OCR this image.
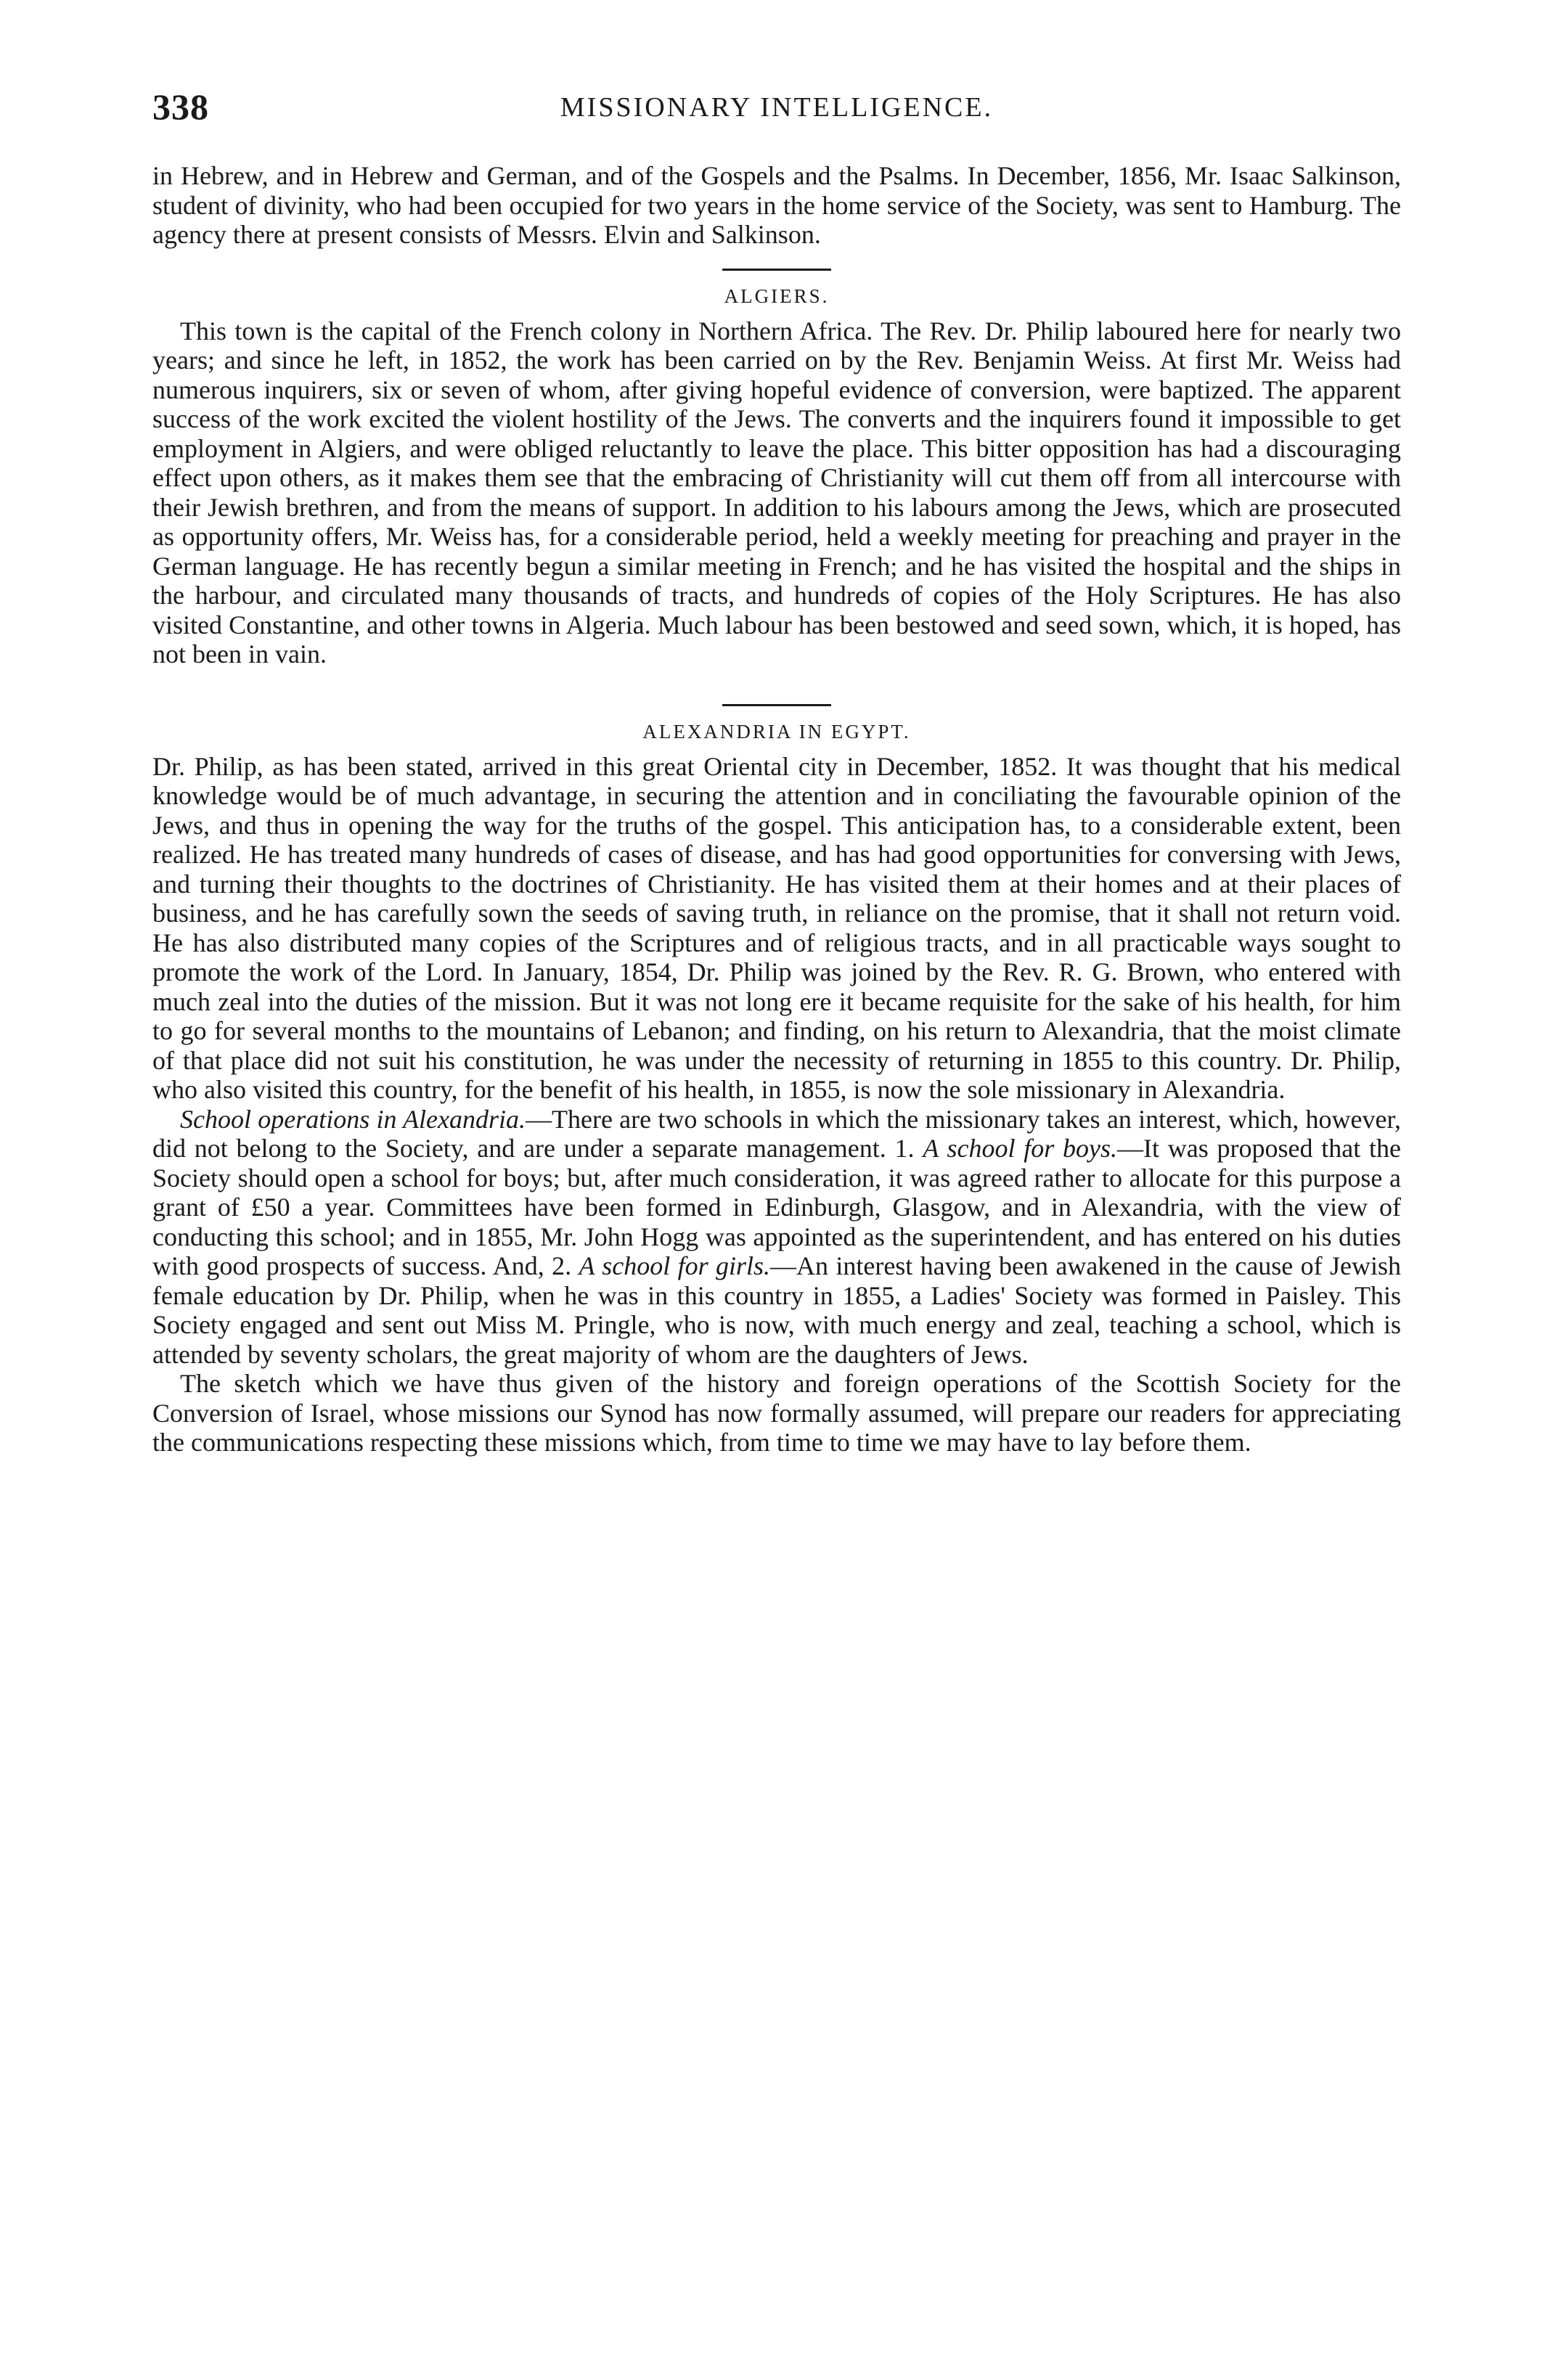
338	MISSIONARY INTELLIGENCE.

in Hebrew, and in Hebrew and German, and of the Gospels and the Psalms. In December, 1856, Mr. Isaac Salkinson, student of divinity, who had been occupied for two years in the home service of the Society, was sent to Hamburg. The agency there at present consists of Messrs. Elvin and Salkinson.

ALGIERS.

This town is the capital of the French colony in Northern Africa. The Rev. Dr. Philip laboured here for nearly two years; and since he left, in 1852, the work has been carried on by the Rev. Benjamin Weiss. At first Mr. Weiss had numerous inquirers, six or seven of whom, after giving hopeful evidence of conversion, were baptized. The apparent success of the work excited the violent hostility of the Jews. The converts and the inquirers found it impossible to get employment in Algiers, and were obliged reluctantly to leave the place. This bitter opposition has had a discouraging effect upon others, as it makes them see that the embracing of Christianity will cut them off from all intercourse with their Jewish brethren, and from the means of support. In addition to his labours among the Jews, which are prosecuted as opportunity offers, Mr. Weiss has, for a considerable period, held a weekly meeting for preaching and prayer in the German language. He has recently begun a similar meeting in French; and he has visited the hospital and the ships in the harbour, and circulated many thousands of tracts, and hundreds of copies of the Holy Scriptures. He has also visited Constantine, and other towns in Algeria. Much labour has been bestowed and seed sown, which, it is hoped, has not been in vain.

ALEXANDRIA IN EGYPT.

Dr. Philip, as has been stated, arrived in this great Oriental city in December, 1852. It was thought that his medical knowledge would be of much advantage, in securing the attention and in conciliating the favourable opinion of the Jews, and thus in opening the way for the truths of the gospel. This anticipation has, to a considerable extent, been realized. He has treated many hundreds of cases of disease, and has had good opportunities for conversing with Jews, and turning their thoughts to the doctrines of Christianity. He has visited them at their homes and at their places of business, and he has carefully sown the seeds of saving truth, in reliance on the promise, that it shall not return void. He has also distributed many copies of the Scriptures and of religious tracts, and in all practicable ways sought to promote the work of the Lord. In January, 1854, Dr. Philip was joined by the Rev. R. G. Brown, who entered with much zeal into the duties of the mission. But it was not long ere it became requisite for the sake of his health, for him to go for several months to the mountains of Lebanon; and finding, on his return to Alexandria, that the moist climate of that place did not suit his constitution, he was under the necessity of returning in 1855 to this country. Dr. Philip, who also visited this country, for the benefit of his health, in 1855, is now the sole missionary in Alexandria.

School operations in Alexandria.—There are two schools in which the missionary takes an interest, which, however, did not belong to the Society, and are under a separate management. 1. A school for boys.—It was proposed that the Society should open a school for boys; but, after much consideration, it was agreed rather to allocate for this purpose a grant of £50 a year. Committees have been formed in Edinburgh, Glasgow, and in Alexandria, with the view of conducting this school; and in 1855, Mr. John Hogg was appointed as the superintendent, and has entered on his duties with good prospects of success. And, 2. A school for girls.—An interest having been awakened in the cause of Jewish female education by Dr. Philip, when he was in this country in 1855, a Ladies' Society was formed in Paisley. This Society engaged and sent out Miss M. Pringle, who is now, with much energy and zeal, teaching a school, which is attended by seventy scholars, the great majority of whom are the daughters of Jews.

The sketch which we have thus given of the history and foreign operations of the Scottish Society for the Conversion of Israel, whose missions our Synod has now formally assumed, will prepare our readers for appreciating the communications respecting these missions which, from time to time we may have to lay before them.
